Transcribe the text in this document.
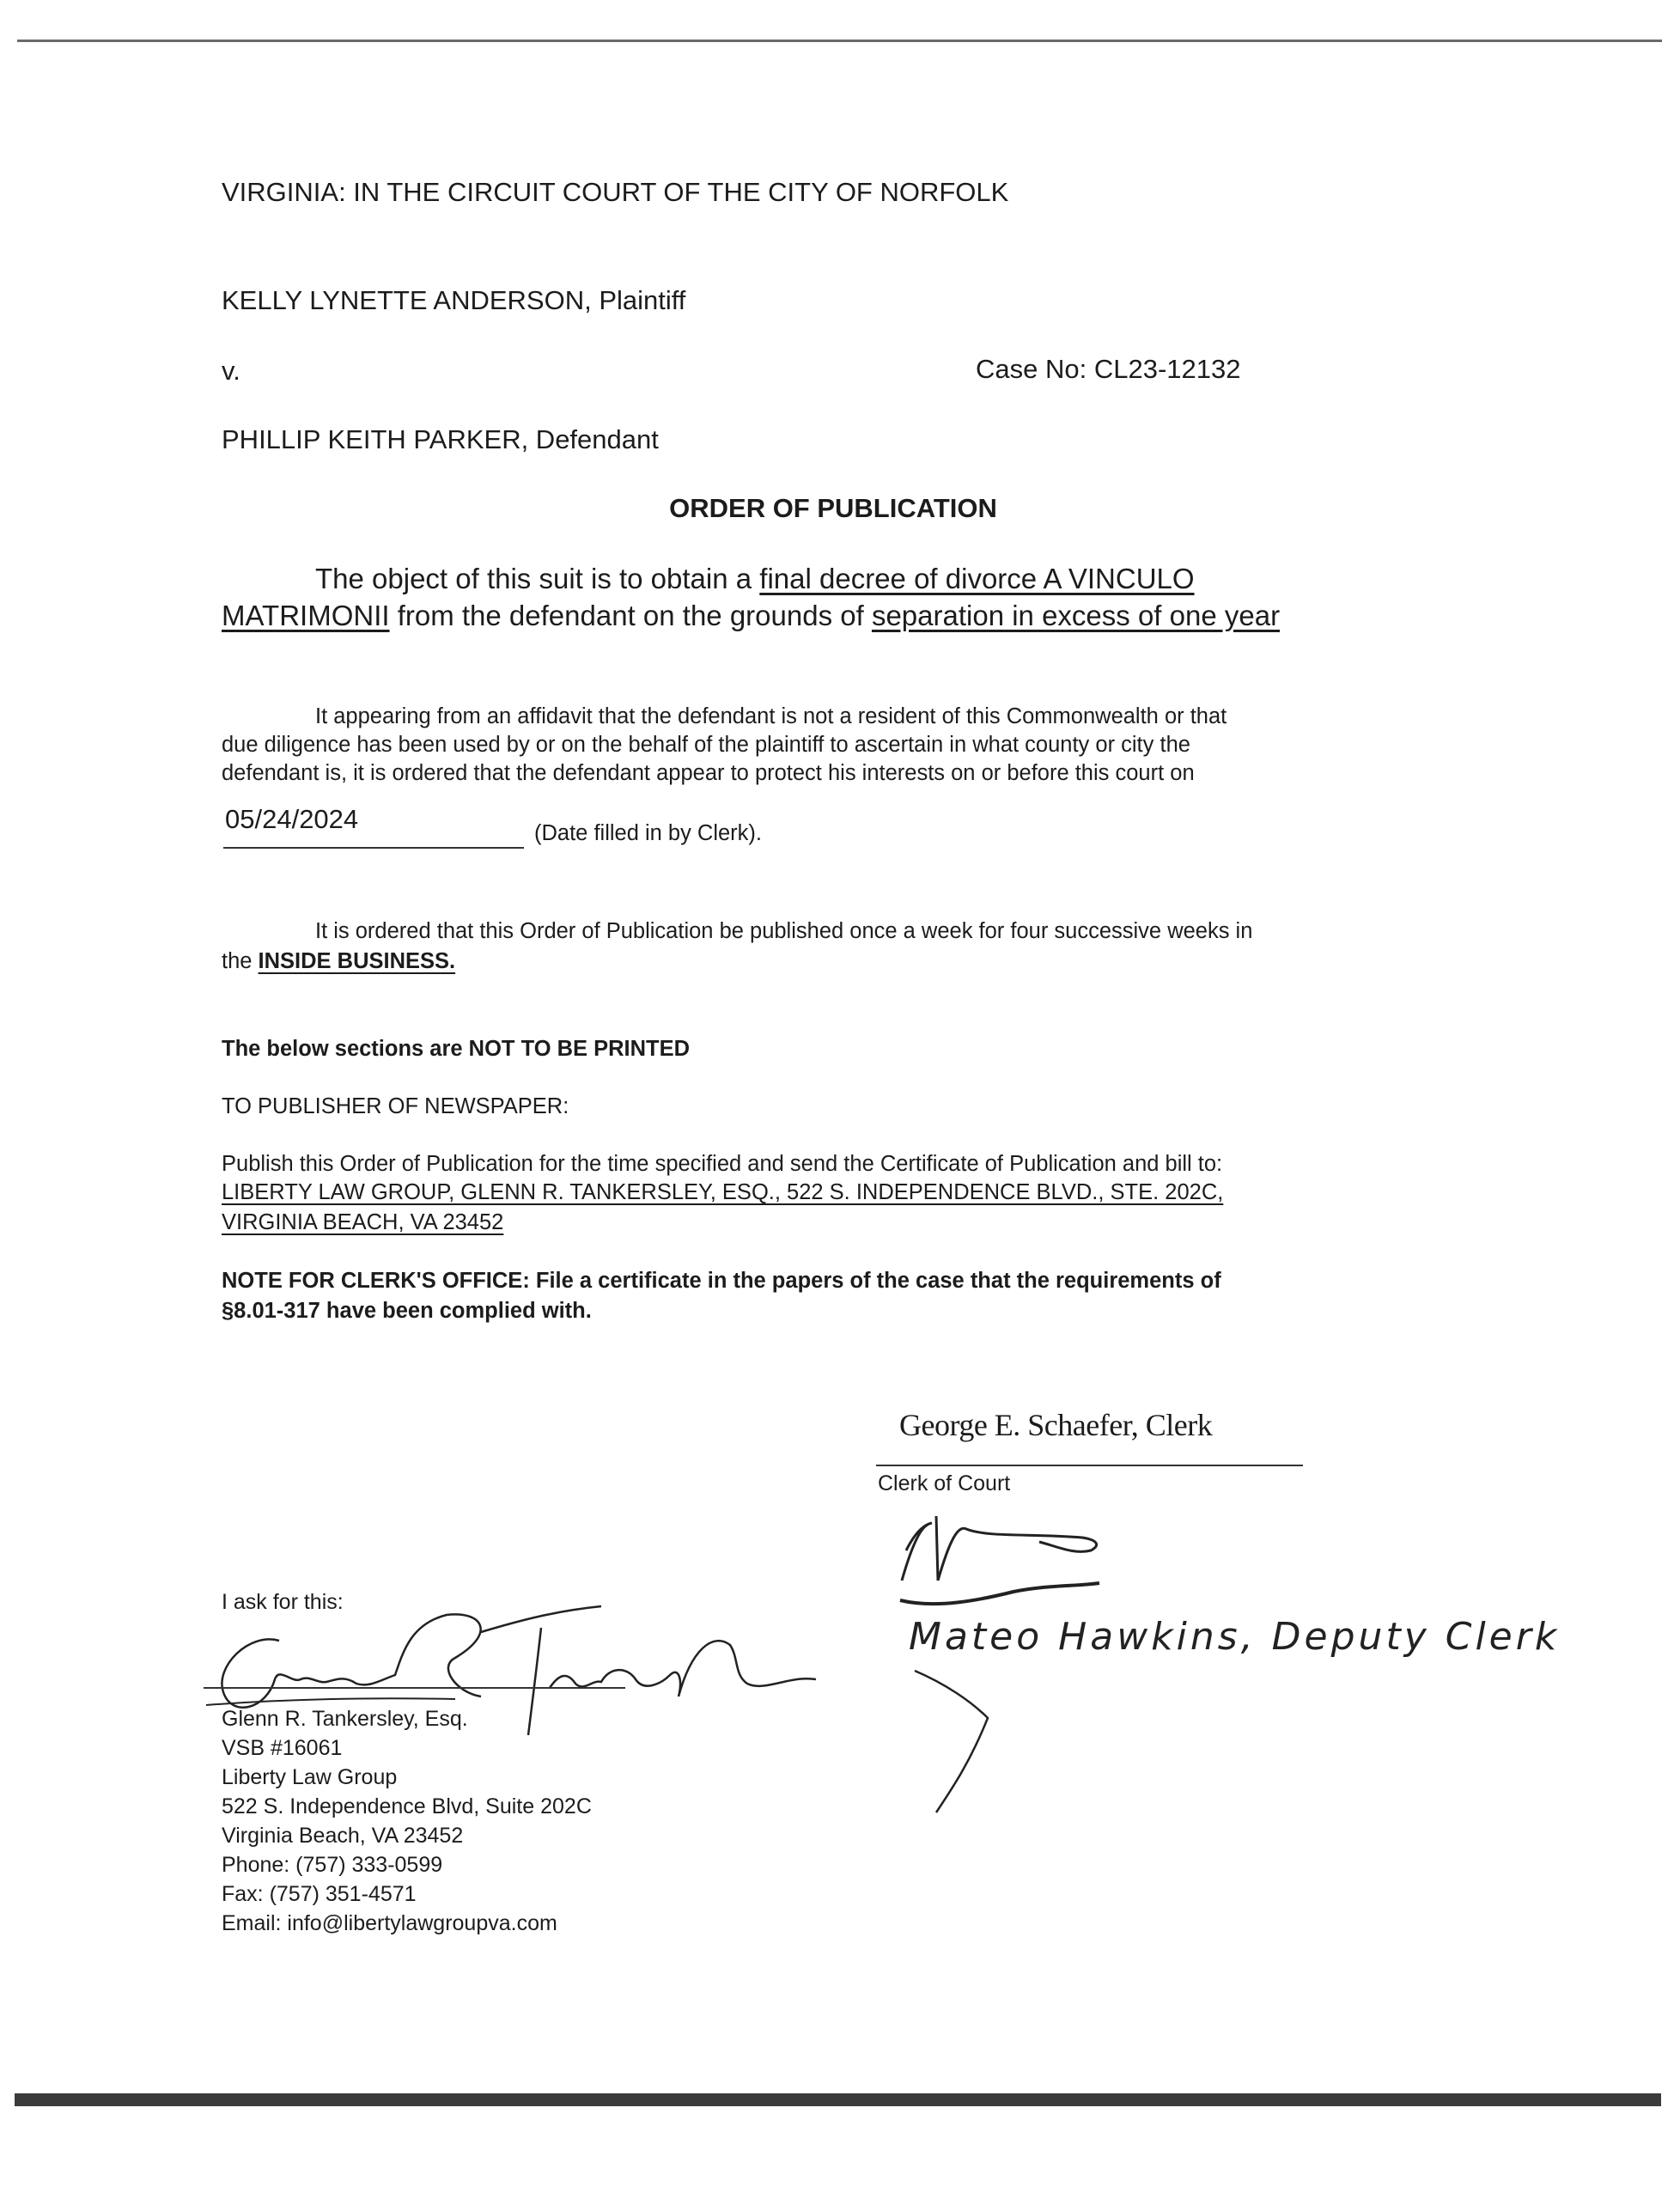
VIRGINIA: IN THE CIRCUIT COURT OF THE CITY OF NORFOLK
KELLY LYNETTE ANDERSON, Plaintiff
v.	Case No: CL23-12132
PHILLIP KEITH PARKER, Defendant
ORDER OF PUBLICATION
The object of this suit is to obtain a final decree of divorce A VINCULO
MATRIMONII from the defendant on the grounds of separation in excess of one year
It appearing from an affidavit that the defendant is not a resident of this Commonwealth or that
due diligence has been used by or on the behalf of the plaintiff to ascertain in what county or city the
defendant is, it is ordered that the defendant appear to protect his interests on or before this court on
05/24/2024	(Date filled in by Clerk).
It is ordered that this Order of Publication be published once a week for four successive weeks in
the INSIDE BUSINESS.
The below sections are NOT TO BE PRINTED
TO PUBLISHER OF NEWSPAPER:
Publish this Order of Publication for the time specified and send the Certificate of Publication and bill to:
LIBERTY LAW GROUP, GLENN R. TANKERSLEY, ESQ., 522 S. INDEPENDENCE BLVD., STE. 202C,
VIRGINIA BEACH, VA 23452
NOTE FOR CLERK'S OFFICE: File a certificate in the papers of the case that the requirements of
§8.01-317 have been complied with.
George E. Schaefer, Clerk
Clerk of Court
Mateo Hawkins, Deputy Clerk
I ask for this:
Glenn R. Tankersley, Esq.
VSB #16061
Liberty Law Group
522 S. Independence Blvd, Suite 202C
Virginia Beach, VA 23452
Phone: (757) 333-0599
Fax: (757) 351-4571
Email: info@libertylawgroupva.com
